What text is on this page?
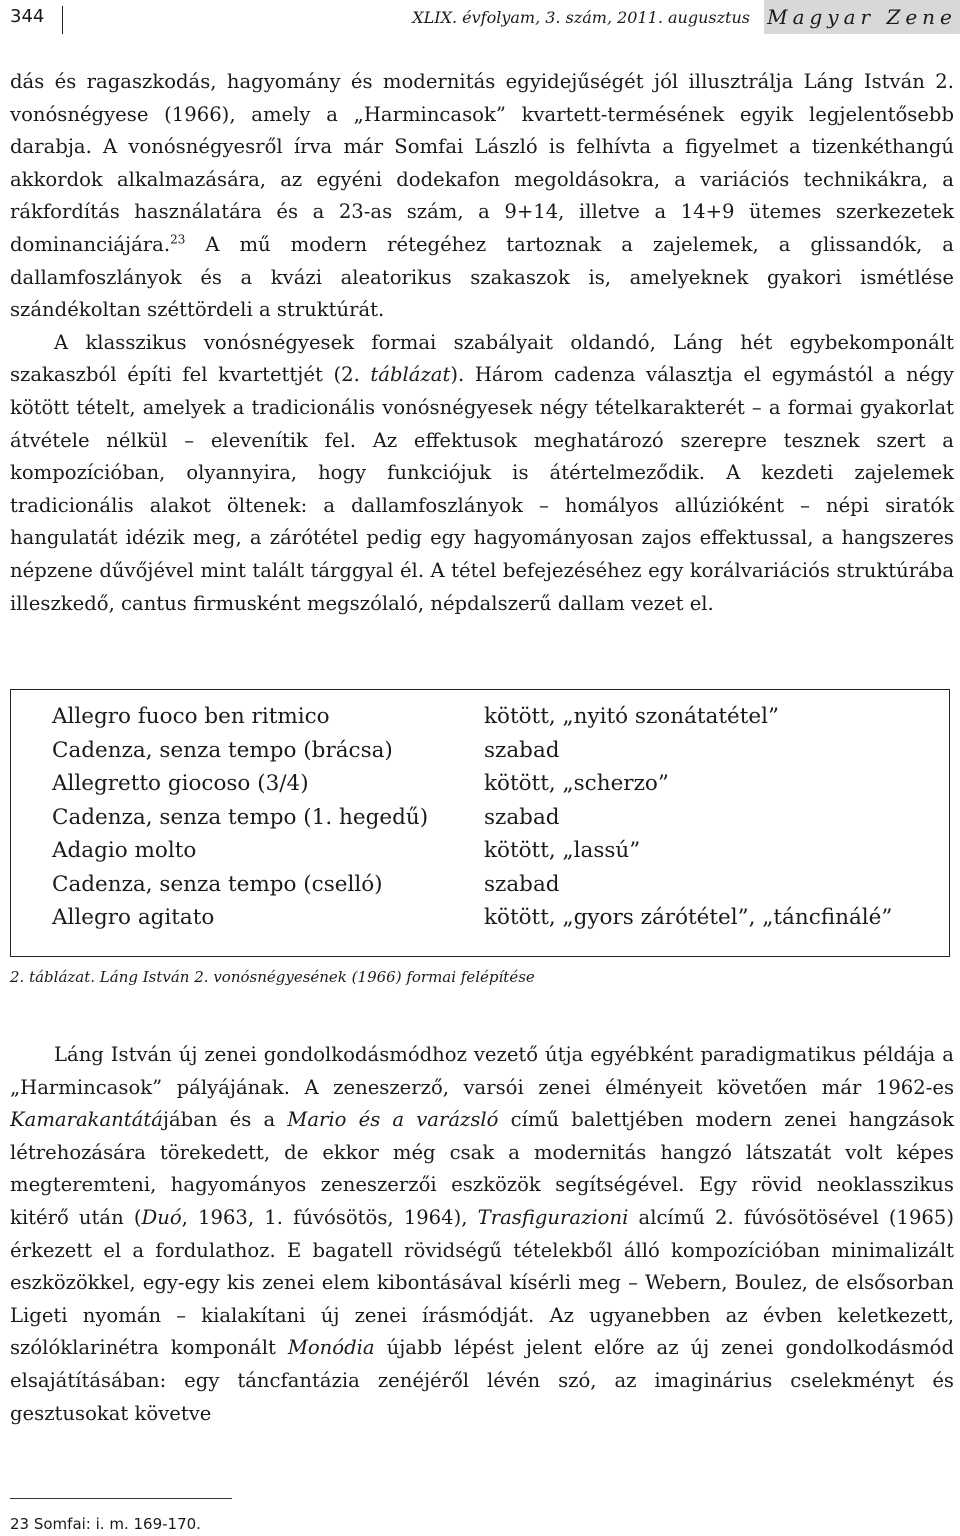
344	XLIX. évfolyam, 3. szám, 2011. augusztus Magyar Zene

dás és ragaszkodás, hagyomány és modernitás egyidejűségét jól illusztrálja Láng István 2. vonósnégyese (1966), amely a „Harmincasok” kvartett-termésének egyik legjelentősebb darabja. A vonósnégyesről írva már Somfai László is felhívta a figyelmet a tizenkéthangú akkordok alkalmazására, az egyéni dodekafon megoldásokra, a variációs technikákra, a rákfordítás használatára és a 23-as szám, a 9+14, illetve a 14+9 ütemes szerkezetek dominanciájára.$^{23}$ A mű modern rétegéhez tartoznak a zajelemek, a glissandók, a dallamfoszlányok és a kvázi aleatorikus szakaszok is, amelyeknek gyakori ismétlése szándékoltan széttördeli a struktúrát.

A klasszikus vonósnégyesek formai szabályait oldandó, Láng hét egybekomponált szakaszból építi fel kvartettjét (2. táblázat). Három cadenza választja el egymástól a négy kötött tételt, amelyek a tradicionális vonósnégyesek négy tételkarakterét – a formai gyakorlat átvétele nélkül – elevenítik fel. Az effektusok meghatározó szerepre tesznek szert a kompozícióban, olyannyira, hogy funkciójuk is átértelmeződik. A kezdeti zajelemek tradicionális alakot öltenek: a dallamfoszlányok – homályos allúzióként – népi siratók hangulatát idézik meg, a zárótétel pedig egy hagyományosan zajos effektussal, a hangszeres népzene dűvőjével mint talált tárggyal él. A tétel befejezéséhez egy korálvariációs struktúrába illeszkedő, cantus firmusként megszólaló, népdalszerű dallam vezet el.

Allegro fuoco ben ritmico	kötött, „nyitó szonátatétel”
Cadenza, senza tempo (brácsa)	szabad
Allegretto giocoso (3/4)	kötött, „scherzo”
Cadenza, senza tempo (1. hegedű)	szabad
Adagio molto	kötött, „lassú”
Cadenza, senza tempo (cselló)	szabad
Allegro agitato	kötött, „gyors zárótétel”, „táncfinálé”
2. táblázat. Láng István 2. vonósnégyesének (1966) formai felépítése

Láng István új zenei gondolkodásmódhoz vezető útja egyébként paradigmatikus példája a „Harmincasok” pályájának. A zeneszerző, varsói zenei élményeit követően már 1962-es Kamarakantátájában és a Mario és a varázsló című balettjében modern zenei hangzások létrehozására törekedett, de ekkor még csak a modernitás hangzó látszatát volt képes megteremteni, hagyományos zeneszerzői eszközök segítségével. Egy rövid neoklasszikus kitérő után (Duó, 1963, 1. fúvósötös, 1964), Trasfigurazioni alcímű 2. fúvósötösével (1965) érkezett el a fordulathoz. E bagatell rövidségű tételekből álló kompozícióban minimalizált eszközökkel, egy-egy kis zenei elem kibontásával kísérli meg – Webern, Boulez, de elsősorban Ligeti nyomán – kialakítani új zenei írásmódját. Az ugyanebben az évben keletkezett, szólóklarinétra komponált Monódia újabb lépést jelent előre az új zenei gondolkodásmód elsajátításában: egy táncfantázia zenéjéről lévén szó, az imaginárius cselekményt és gesztusokat követve

23 Somfai: i. m. 169-170.
